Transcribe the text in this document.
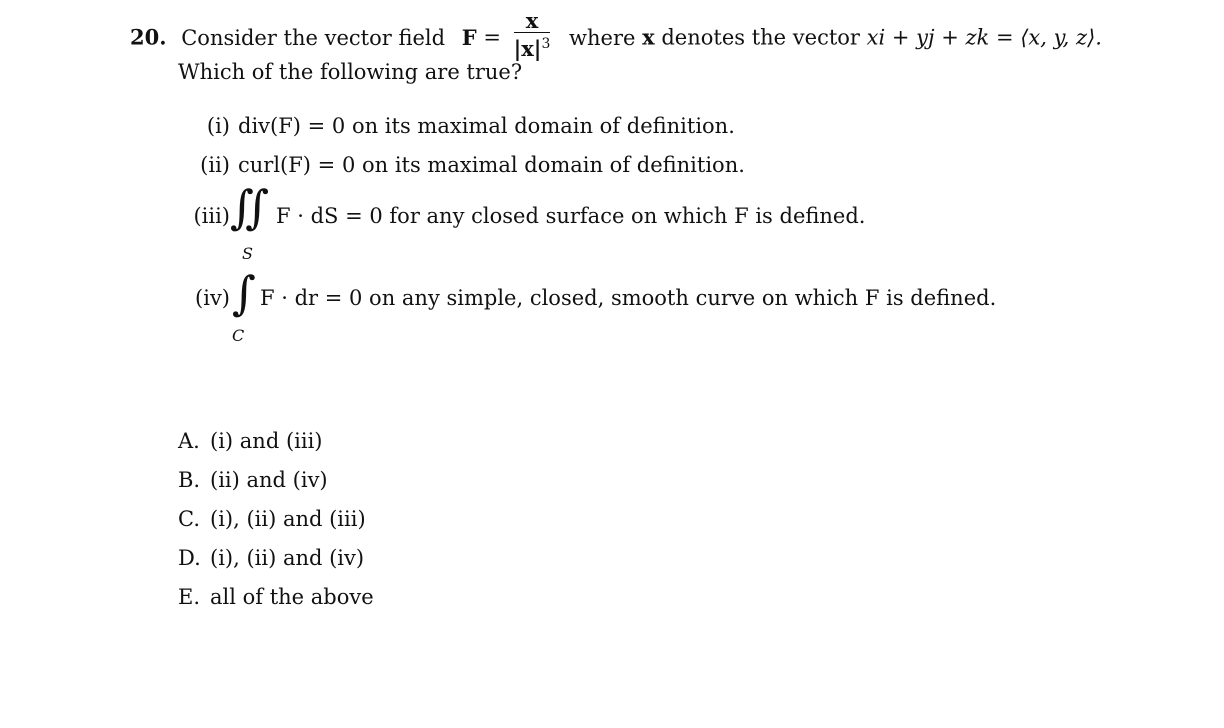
20. Consider the vector field $F = \frac{x}{|x|^3}$ where x denotes the vector xi + yj + zk = ⟨x, y, z⟩.
Which of the following are true?
(i) div(F) = 0 on its maximal domain of definition.
(ii) curl(F) = 0 on its maximal domain of definition.
(iii) ∬
S
F · dS = 0 for any closed surface on which F is defined.
(iv) ∫
C
F · dr = 0 on any simple, closed, smooth curve on which F is defined.
A. (i) and (iii)
B. (ii) and (iv)
C. (i), (ii) and (iii)
D. (i), (ii) and (iv)
E. all of the above
